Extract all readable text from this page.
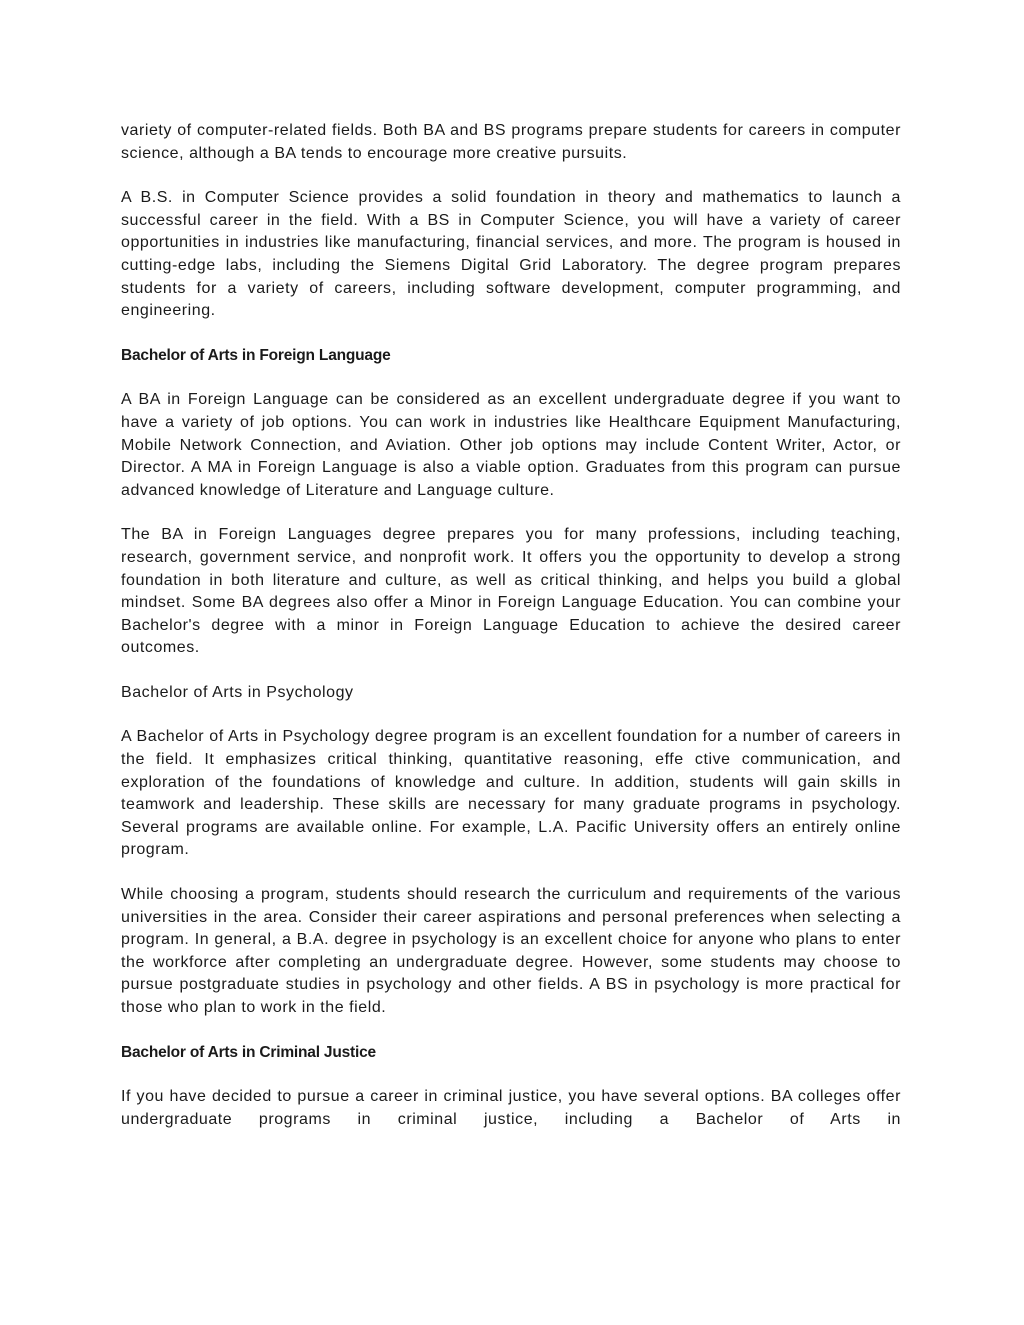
variety of computer-related fields. Both BA and BS programs prepare students for careers in computer science, although a BA tends to encourage more creative pursuits.

A B.S. in Computer Science provides a solid foundation in theory and mathematics to launch a successful career in the field. With a BS in Computer Science, you will have a variety of career opportunities in industries like manufacturing, financial services, and more. The program is housed in cutting-edge labs, including the Siemens Digital Grid Laboratory. The degree program prepares students for a variety of careers, including software development, computer programming, and engineering.

Bachelor of Arts in Foreign Language

A BA in Foreign Language can be considered as an excellent undergraduate degree if you want to have a variety of job options. You can work in industries like Healthcare Equipment Manufacturing, Mobile Network Connection, and Aviation. Other job options may include Content Writer, Actor, or Director. A MA in Foreign Language is also a viable option. Graduates from this program can pursue advanced knowledge of Literature and Language culture.

The BA in Foreign Languages degree prepares you for many professions, including teaching, research, government service, and nonprofit work. It offers you the opportunity to develop a strong foundation in both literature and culture, as well as critical thinking, and helps you build a global mindset. Some BA degrees also offer a Minor in Foreign Language Education. You can combine your Bachelor's degree with a minor in Foreign Language Education to achieve the desired career outcomes.

Bachelor of Arts in Psychology

A Bachelor of Arts in Psychology degree program is an excellent foundation for a number of careers in the field. It emphasizes critical thinking, quantitative reasoning, effe ctive communication, and exploration of the foundations of knowledge and culture. In addition, students will gain skills in teamwork and leadership. These skills are necessary for many graduate programs in psychology. Several programs are available online. For example, L.A. Pacific University offers an entirely online program.

While choosing a program, students should research the curriculum and requirements of the various universities in the area. Consider their career aspirations and personal preferences when selecting a program. In general, a B.A. degree in psychology is an excellent choice for anyone who plans to enter the workforce after completing an undergraduate degree. However, some students may choose to pursue postgraduate studies in psychology and other fields. A BS in psychology is more practical for those who plan to work in the field.

Bachelor of Arts in Criminal Justice

If you have decided to pursue a career in criminal justice, you have several options. BA colleges offer undergraduate programs in criminal justice, including a Bachelor of Arts in
